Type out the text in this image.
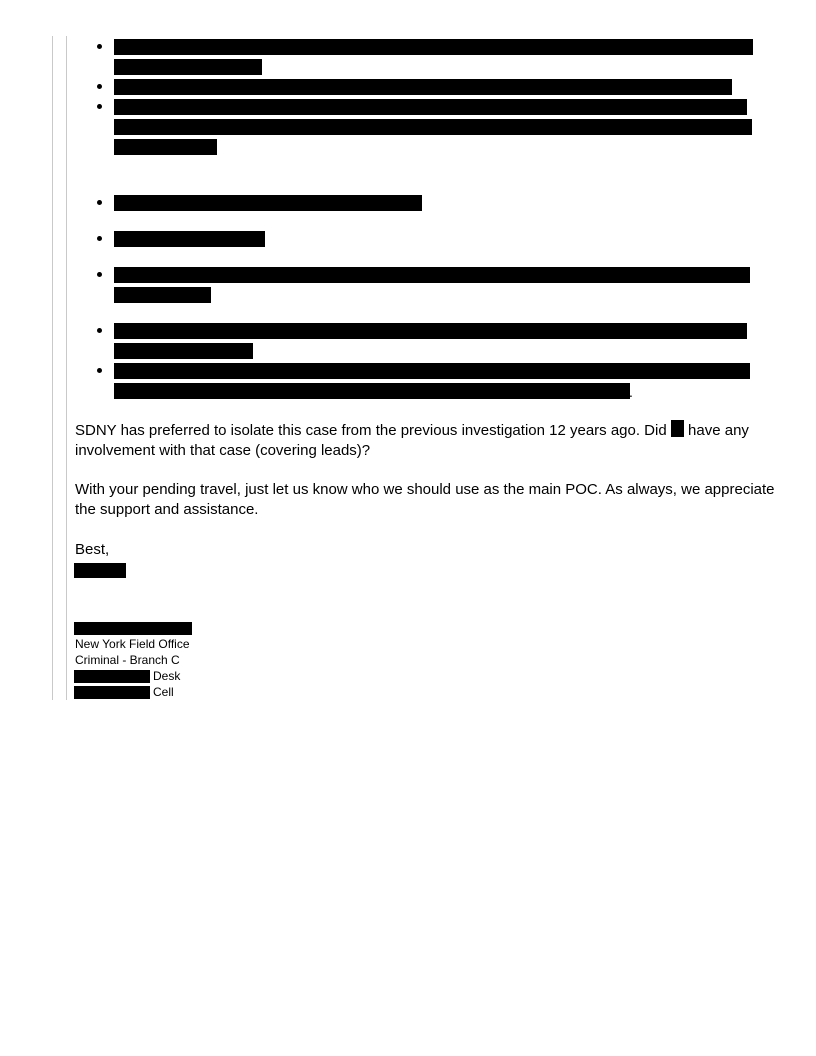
.

SDNY has preferred to isolate this case from the previous investigation 12 years ago. Did  have any involvement with that case (covering leads)?

With your pending travel, just let us know who we should use as the main POC. As always, we appreciate the support and assistance.

Best,

New York Field Office
Criminal - Branch C
Desk
Cell
